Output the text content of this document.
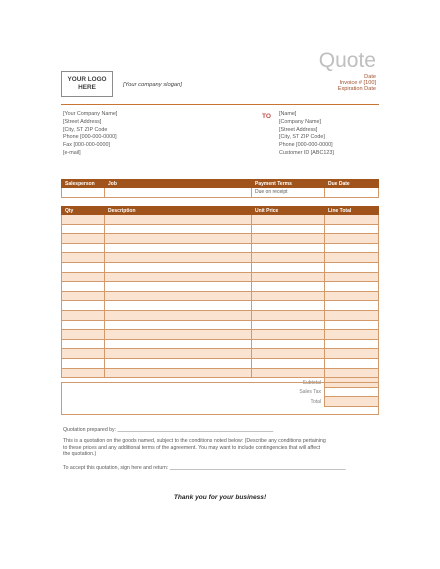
Quote
Date
Invoice # [100]
Expiration Date
YOUR LOGO HERE	[Your company slogan]
[Your Company Name]
[Street Address]
[City, ST ZIP Code
Phone [000-000-0000]
Fax [000-000-0000]
[e-mail]
TO [Name]
[Company Name]
[Street Address]
[City, ST ZIP Code]
Phone [000-000-0000]
Customer ID [ABC123]
Salesperson	Job	Payment Terms	Due Date
		Due on receipt	
Qty	Description	Unit Price	Line Total

Subtotal			
Sales Tax			
Total			
Quotation prepared by: ______________________________________________________
This is a quotation on the goods named, subject to the conditions noted below: (Describe any conditions pertaining
to these prices and any additional terms of the agreement. You may want to include contingencies that will affect
the quotation.)
To accept this quotation, sign here and return: _____________________________________________________________
Thank you for your business!
